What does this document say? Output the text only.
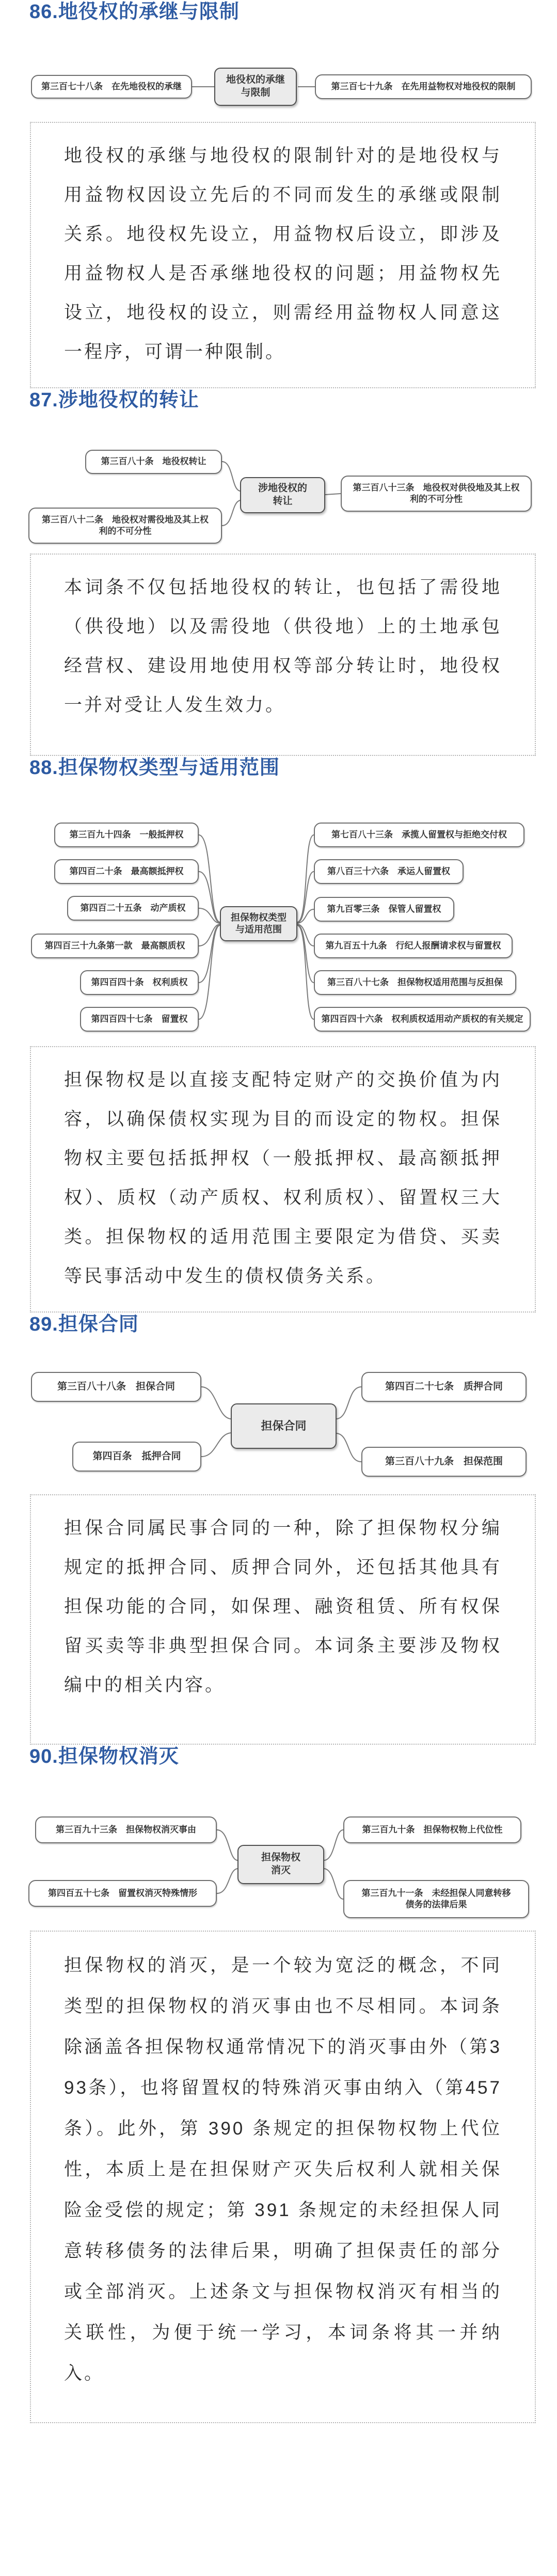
86.地役权的承继与限制
第三百七十八条　在先地役权的承继
地役权的承继与限制
第三百七十九条　在先用益物权对地役权的限制

地役权的承继与地役权的限制针对的是地役权与用益物权因设立先后的不同而发生的承继或限制关系。地役权先设立，用益物权后设立，即涉及用益物权人是否承继地役权的问题；用益物权先设立，地役权的设立，则需经用益物权人同意这一程序，可谓一种限制。

87.涉地役权的转让
第三百八十条　地役权转让
第三百八十二条　地役权对需役地及其上权利的不可分性
涉地役权的转让
第三百八十三条　地役权对供役地及其上权利的不可分性

本词条不仅包括地役权的转让，也包括了需役地（供役地）以及需役地（供役地）上的土地承包经营权、建设用地使用权等部分转让时，地役权一并对受让人发生效力。

88.担保物权类型与适用范围
第三百九十四条　一般抵押权
第四百二十条　最高额抵押权
第四百二十五条　动产质权
第四百三十九条第一款　最高额质权
第四百四十条　权利质权
第四百四十七条　留置权
担保物权类型与适用范围
第七百八十三条　承揽人留置权与拒绝交付权
第八百三十六条　承运人留置权
第九百零三条　保管人留置权
第九百五十九条　行纪人报酬请求权与留置权
第三百八十七条　担保物权适用范围与反担保
第四百四十六条　权利质权适用动产质权的有关规定

担保物权是以直接支配特定财产的交换价值为内容，以确保债权实现为目的而设定的物权。担保物权主要包括抵押权（一般抵押权、最高额抵押权）、质权（动产质权、权利质权）、留置权三大类。担保物权的适用范围主要限定为借贷、买卖等民事活动中发生的债权债务关系。

89.担保合同
第三百八十八条　担保合同
第四百条　抵押合同
担保合同
第四百二十七条　质押合同
第三百八十九条　担保范围

担保合同属民事合同的一种，除了担保物权分编规定的抵押合同、质押合同外，还包括其他具有担保功能的合同，如保理、融资租赁、所有权保留买卖等非典型担保合同。本词条主要涉及物权编中的相关内容。

90.担保物权消灭
第三百九十三条　担保物权消灭事由
第四百五十七条　留置权消灭特殊情形
担保物权消灭
第三百九十条　担保物权物上代位性
第三百九十一条　未经担保人同意转移债务的法律后果

担保物权的消灭，是一个较为宽泛的概念，不同类型的担保物权的消灭事由也不尽相同。本词条除涵盖各担保物权通常情况下的消灭事由外（第393条），也将留置权的特殊消灭事由纳入（第457 条）。此外，第 390 条规定的担保物权物上代位性，本质上是在担保财产灭失后权利人就相关保险金受偿的规定；第 391 条规定的未经担保人同意转移债务的法律后果，明确了担保责任的部分或全部消灭。上述条文与担保物权消灭有相当的关联性，为便于统一学习，本词条将其一并纳入。
